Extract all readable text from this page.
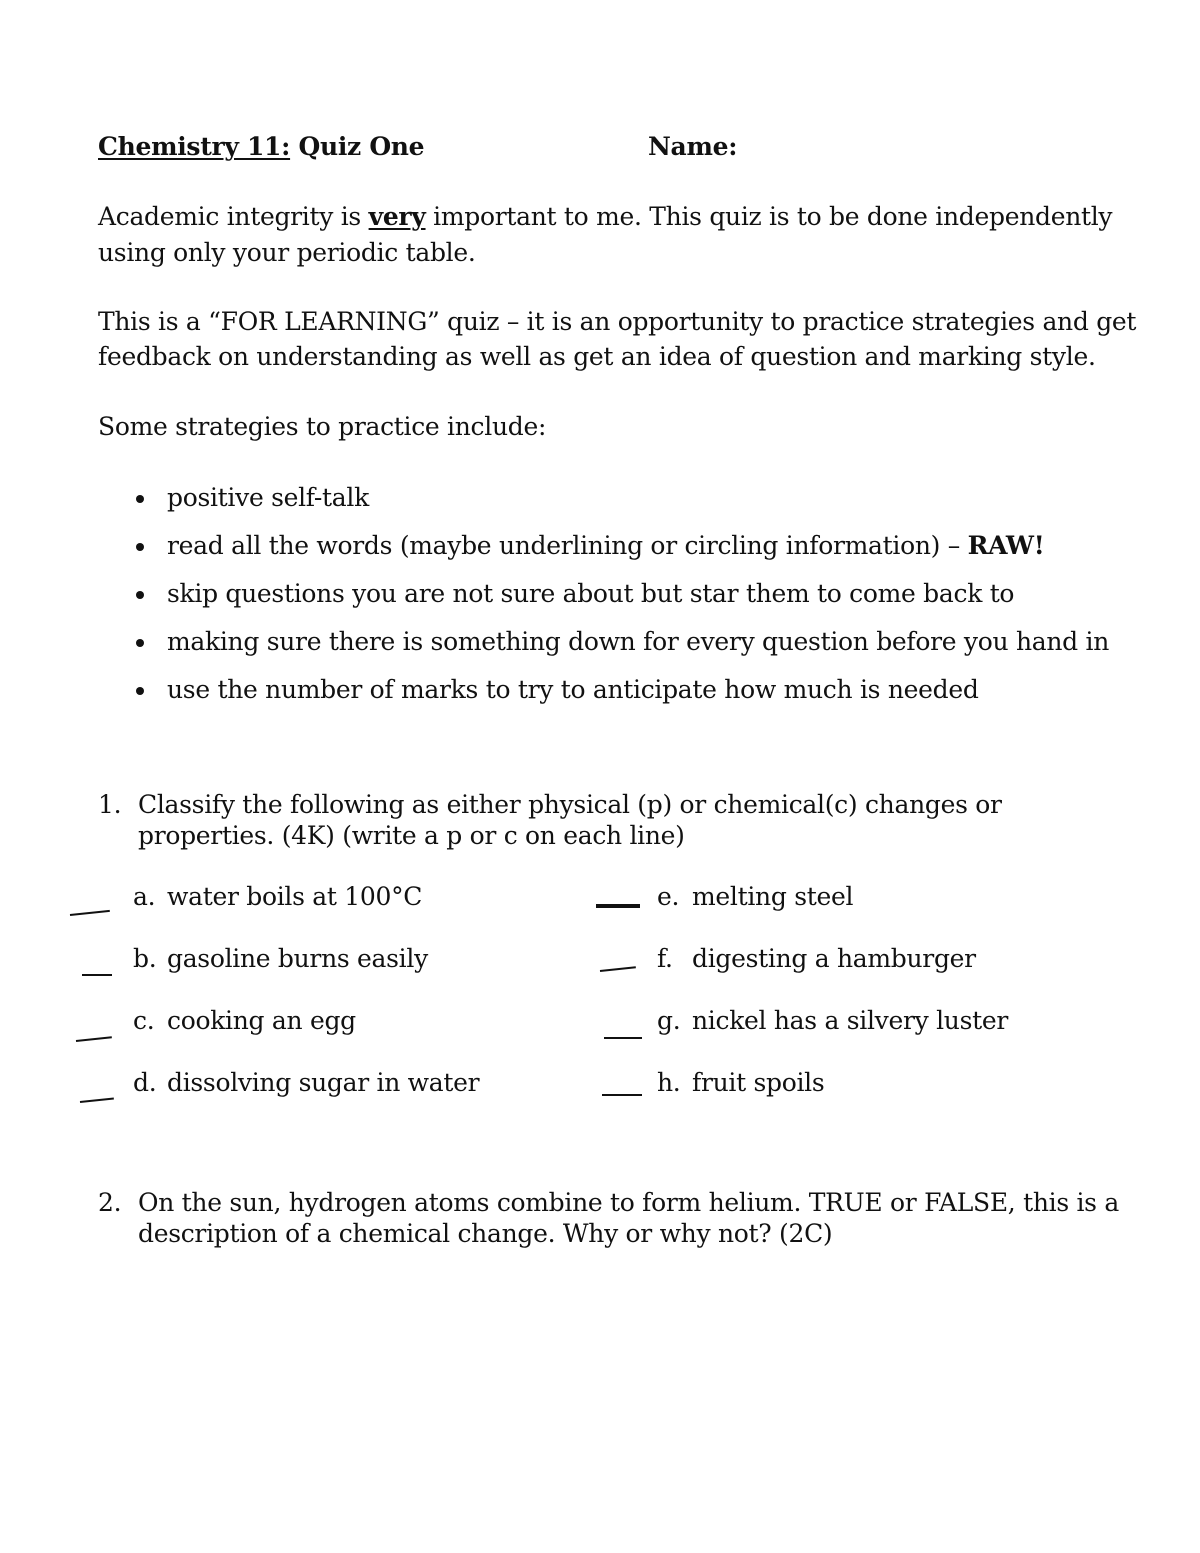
Chemistry 11: Quiz One	Name:
Academic integrity is very important to me. This quiz is to be done independently
using only your periodic table.
This is a “FOR LEARNING” quiz – it is an opportunity to practice strategies and get
feedback on understanding as well as get an idea of question and marking style.
Some strategies to practice include:
positive self-talk
read all the words (maybe underlining or circling information) – RAW!
skip questions you are not sure about but star them to come back to
making sure there is something down for every question before you hand in
use the number of marks to try to anticipate how much is needed
1. Classify the following as either physical (p) or chemical(c) changes or
properties. (4K) (write a p or c on each line)
a. water boils at 100°C
b. gasoline burns easily
c. cooking an egg
d. dissolving sugar in water
e. melting steel
f. digesting a hamburger
g. nickel has a silvery luster
h. fruit spoils
2. On the sun, hydrogen atoms combine to form helium. TRUE or FALSE, this is a
description of a chemical change. Why or why not? (2C)
